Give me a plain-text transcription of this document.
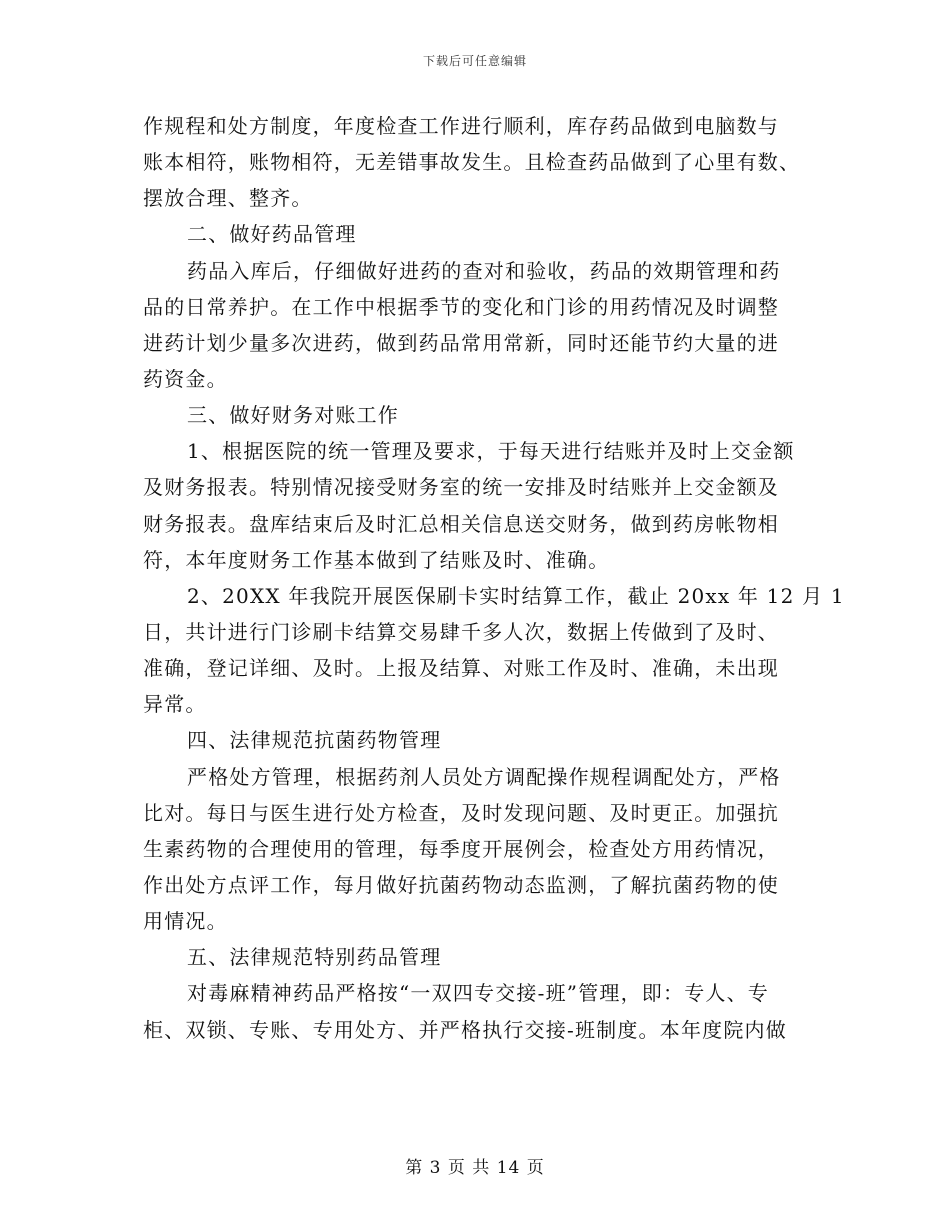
下载后可任意编辑
作规程和处方制度，年度检查工作进行顺利，库存药品做到电脑数与
账本相符，账物相符，无差错事故发生。且检查药品做到了心里有数、
摆放合理、整齐。
二、做好药品管理
药品入库后，仔细做好进药的查对和验收，药品的效期管理和药
品的日常养护。在工作中根据季节的变化和门诊的用药情况及时调整
进药计划少量多次进药，做到药品常用常新，同时还能节约大量的进
药资金。
三、做好财务对账工作
1、根据医院的统一管理及要求，于每天进行结账并及时上交金额
及财务报表。特别情况接受财务室的统一安排及时结账并上交金额及
财务报表。盘库结束后及时汇总相关信息送交财务，做到药房帐物相
符，本年度财务工作基本做到了结账及时、准确。
2、20XX 年我院开展医保刷卡实时结算工作，截止 20xx 年 12 月 1
日，共计进行门诊刷卡结算交易肆千多人次，数据上传做到了及时、
准确，登记详细、及时。上报及结算、对账工作及时、准确，未出现
异常。
四、法律规范抗菌药物管理
严格处方管理，根据药剂人员处方调配操作规程调配处方，严格
比对。每日与医生进行处方检查，及时发现问题、及时更正。加强抗
生素药物的合理使用的管理，每季度开展例会，检查处方用药情况，
作出处方点评工作，每月做好抗菌药物动态监测，了解抗菌药物的使
用情况。
五、法律规范特别药品管理
对毒麻精神药品严格按“一双四专交接-班”管理，即：专人、专
柜、双锁、专账、专用处方、并严格执行交接-班制度。本年度院内做
第 3 页 共 14 页
